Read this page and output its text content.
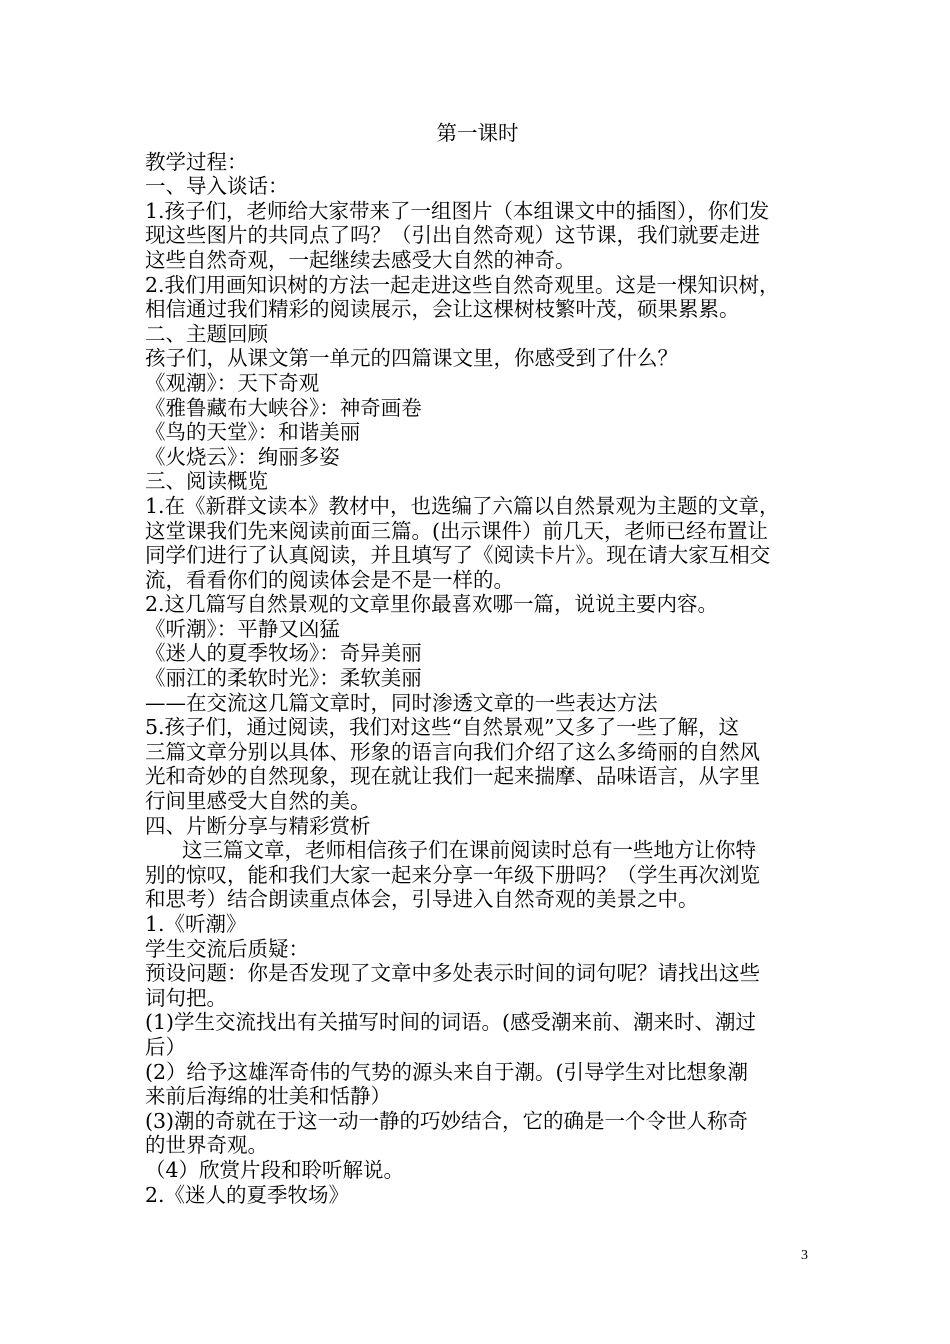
第一课时
教学过程：
一、导入谈话：
1.孩子们，老师给大家带来了一组图片（本组课文中的插图），你们发
现这些图片的共同点了吗？（引出自然奇观）这节课，我们就要走进
这些自然奇观，一起继续去感受大自然的神奇。
2.我们用画知识树的方法一起走进这些自然奇观里。这是一棵知识树，
相信通过我们精彩的阅读展示，会让这棵树枝繁叶茂，硕果累累。
二、主题回顾
孩子们，从课文第一单元的四篇课文里，你感受到了什么？
《观潮》：天下奇观
《雅鲁藏布大峡谷》：神奇画卷
《鸟的天堂》：和谐美丽
《火烧云》：绚丽多姿
三、阅读概览
1.在《新群文读本》教材中，也选编了六篇以自然景观为主题的文章，
这堂课我们先来阅读前面三篇。(出示课件）前几天，老师已经布置让
同学们进行了认真阅读，并且填写了《阅读卡片》。现在请大家互相交
流，看看你们的阅读体会是不是一样的。
2.这几篇写自然景观的文章里你最喜欢哪一篇，说说主要内容。
《听潮》：平静又凶猛
《迷人的夏季牧场》：奇异美丽
《丽江的柔软时光》：柔软美丽
——在交流这几篇文章时，同时渗透文章的一些表达方法
5.孩子们，通过阅读，我们对这些“自然景观”又多了一些了解，这
三篇文章分别以具体、形象的语言向我们介绍了这么多绮丽的自然风
光和奇妙的自然现象，现在就让我们一起来揣摩、品味语言，从字里
行间里感受大自然的美。
四、片断分享与精彩赏析
这三篇文章，老师相信孩子们在课前阅读时总有一些地方让你特
别的惊叹，能和我们大家一起来分享一年级下册吗？（学生再次浏览
和思考）结合朗读重点体会，引导进入自然奇观的美景之中。
1.《听潮》
学生交流后质疑：
预设问题：你是否发现了文章中多处表示时间的词句呢？请找出这些
词句把。
(1)学生交流找出有关描写时间的词语。(感受潮来前、潮来时、潮过
后）
(2）给予这雄浑奇伟的气势的源头来自于潮。(引导学生对比想象潮
来前后海绵的壮美和恬静）
(3)潮的奇就在于这一动一静的巧妙结合，它的确是一个令世人称奇
的世界奇观。
（4）欣赏片段和聆听解说。
2.《迷人的夏季牧场》
3
